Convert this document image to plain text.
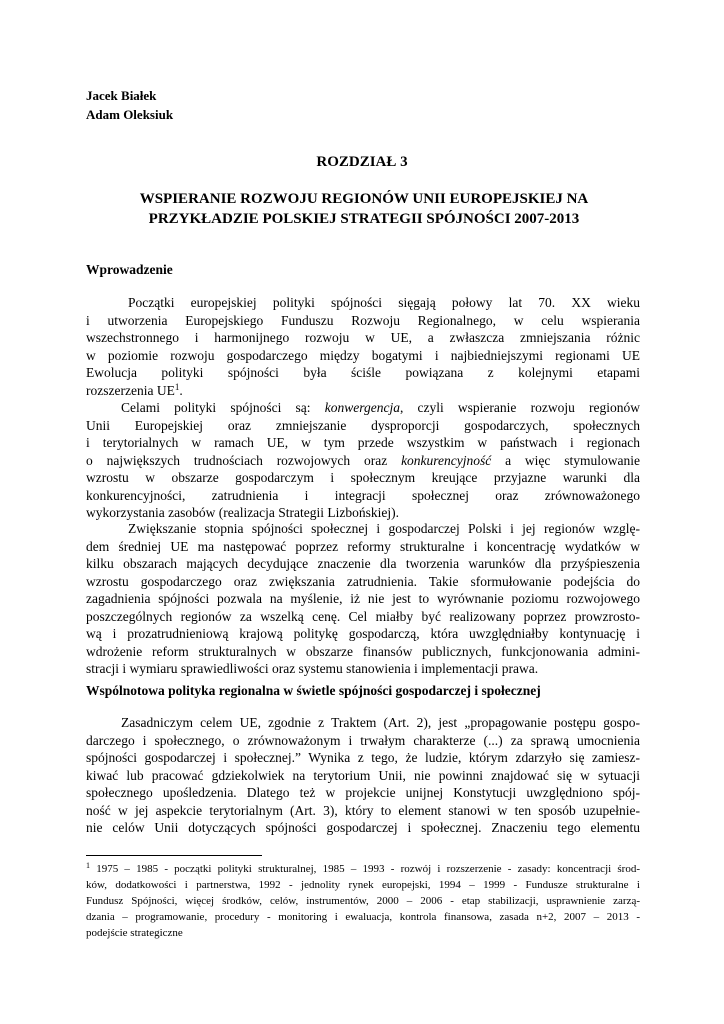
Jacek Białek
Adam Oleksiuk
ROZDZIAŁ 3
WSPIERANIE ROZWOJU REGIONÓW UNII EUROPEJSKIEJ NA
PRZYKŁADZIE POLSKIEJ STRATEGII SPÓJNOŚCI 2007-2013
Wprowadzenie
Początki europejskiej polityki spójności sięgają połowy lat 70. XX wieku
i utworzenia Europejskiego Funduszu Rozwoju Regionalnego, w celu wspierania
wszechstronnego i harmonijnego rozwoju w UE, a zwłaszcza zmniejszania różnic
w poziomie rozwoju gospodarczego między bogatymi i najbiedniejszymi regionami UE
Ewolucja polityki spójności była ściśle powiązana z kolejnymi etapami
rozszerzenia $UE^1$.
Celami polityki spójności są: konwergencja, czyli wspieranie rozwoju regionów
Unii Europejskiej oraz zmniejszanie dysproporcji gospodarczych, społecznych
i terytorialnych w ramach UE, w tym przede wszystkim w państwach i regionach
o największych trudnościach rozwojowych oraz konkurencyjność a więc stymulowanie
wzrostu w obszarze gospodarczym i społecznym kreujące przyjazne warunki dla
konkurencyjności, zatrudnienia i integracji społecznej oraz zrównoważonego
wykorzystania zasobów (realizacja Strategii Lizbońskiej).
Zwiększanie stopnia spójności społecznej i gospodarczej Polski i jej regionów wzglę-
dem średniej UE ma następować poprzez reformy strukturalne i koncentrację wydatków w
kilku obszarach mających decydujące znaczenie dla tworzenia warunków dla przyśpieszenia
wzrostu gospodarczego oraz zwiększania zatrudnienia. Takie sformułowanie podejścia do
zagadnienia spójności pozwala na myślenie, iż nie jest to wyrównanie poziomu rozwojowego
poszczególnych regionów za wszelką cenę. Cel miałby być realizowany poprzez prowzrosto-
wą i prozatrudnieniową krajową politykę gospodarczą, która uwzględniałby kontynuację i
wdrożenie reform strukturalnych w obszarze finansów publicznych, funkcjonowania admini-
stracji i wymiaru sprawiedliwości oraz systemu stanowienia i implementacji prawa.
Wspólnotowa polityka regionalna w świetle spójności gospodarczej i społecznej
Zasadniczym celem UE, zgodnie z Traktem (Art. 2), jest „propagowanie postępu gospo-
darczego i społecznego, o zrównoważonym i trwałym charakterze (...) za sprawą umocnienia
spójności gospodarczej i społecznej.” Wynika z tego, że ludzie, którym zdarzyło się zamiesz-
kiwać lub pracować gdziekolwiek na terytorium Unii, nie powinni znajdować się w sytuacji
społecznego upośledzenia. Dlatego też w projekcie unijnej Konstytucji uwzględniono spój-
ność w jej aspekcie terytorialnym (Art. 3), który to element stanowi w ten sposób uzupełnie-
nie celów Unii dotyczących spójności gospodarczej i społecznej. Znaczeniu tego elementu
$^1$ 1975 – 1985 - początki polityki strukturalnej, 1985 – 1993 - rozwój i rozszerzenie - zasady: koncentracji środ-
ków, dodatkowości i partnerstwa, 1992 - jednolity rynek europejski, 1994 – 1999 - Fundusze strukturalne i
Fundusz Spójności, więcej środków, celów, instrumentów, 2000 – 2006 - etap stabilizacji, usprawnienie zarzą-
dzania – programowanie, procedury - monitoring i ewaluacja, kontrola finansowa, zasada n+2, 2007 – 2013 -
podejście strategiczne
